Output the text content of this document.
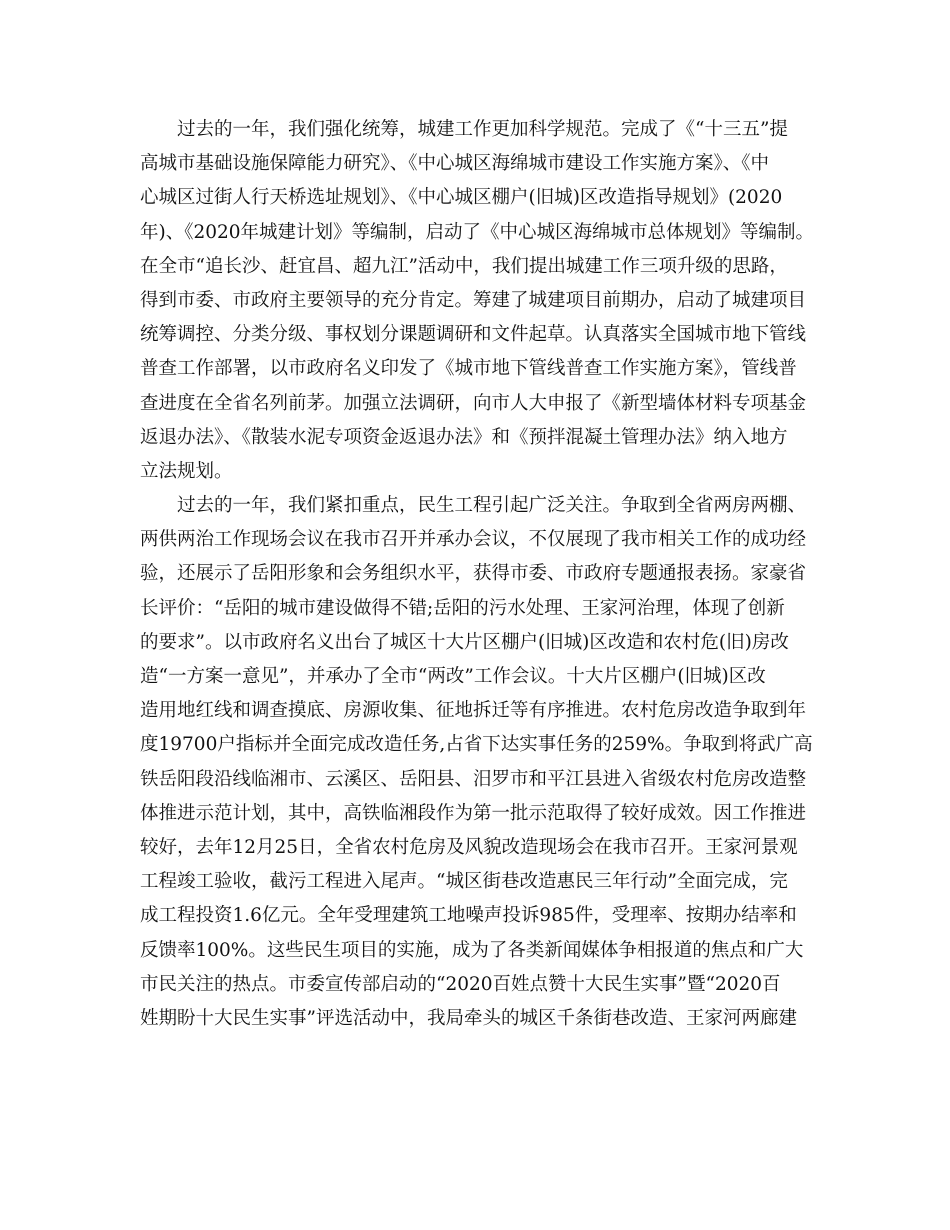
过去的一年，我们强化统筹，城建工作更加科学规范。完成了《“十三五”提
高城市基础设施保障能力研究》、《中心城区海绵城市建设工作实施方案》、《中
心城区过街人行天桥选址规划》、《中心城区棚户(旧城)区改造指导规划》(2020
年)、《2020年城建计划》等编制，启动了《中心城区海绵城市总体规划》等编制。
在全市“追长沙、赶宜昌、超九江”活动中，我们提出城建工作三项升级的思路，
得到市委、市政府主要领导的充分肯定。筹建了城建项目前期办，启动了城建项目
统筹调控、分类分级、事权划分课题调研和文件起草。认真落实全国城市地下管线
普查工作部署，以市政府名义印发了《城市地下管线普查工作实施方案》，管线普
查进度在全省名列前茅。加强立法调研，向市人大申报了《新型墙体材料专项基金
返退办法》、《散装水泥专项资金返退办法》和《预拌混凝土管理办法》纳入地方
立法规划。
过去的一年，我们紧扣重点，民生工程引起广泛关注。争取到全省两房两棚、
两供两治工作现场会议在我市召开并承办会议，不仅展现了我市相关工作的成功经
验，还展示了岳阳形象和会务组织水平，获得市委、市政府专题通报表扬。家豪省
长评价：“岳阳的城市建设做得不错;岳阳的污水处理、王家河治理，体现了创新
的要求”。以市政府名义出台了城区十大片区棚户(旧城)区改造和农村危(旧)房改
造“一方案一意见”，并承办了全市“两改”工作会议。十大片区棚户(旧城)区改
造用地红线和调查摸底、房源收集、征地拆迁等有序推进。农村危房改造争取到年
度19700户指标并全面完成改造任务,占省下达实事任务的259%。争取到将武广高
铁岳阳段沿线临湘市、云溪区、岳阳县、汨罗市和平江县进入省级农村危房改造整
体推进示范计划，其中，高铁临湘段作为第一批示范取得了较好成效。因工作推进
较好，去年12月25日，全省农村危房及风貌改造现场会在我市召开。王家河景观
工程竣工验收，截污工程进入尾声。“城区街巷改造惠民三年行动”全面完成，完
成工程投资1.6亿元。全年受理建筑工地噪声投诉985件，受理率、按期办结率和
反馈率100%。这些民生项目的实施，成为了各类新闻媒体争相报道的焦点和广大
市民关注的热点。市委宣传部启动的“2020百姓点赞十大民生实事”暨“2020百
姓期盼十大民生实事”评选活动中，我局牵头的城区千条街巷改造、王家河两廊建
